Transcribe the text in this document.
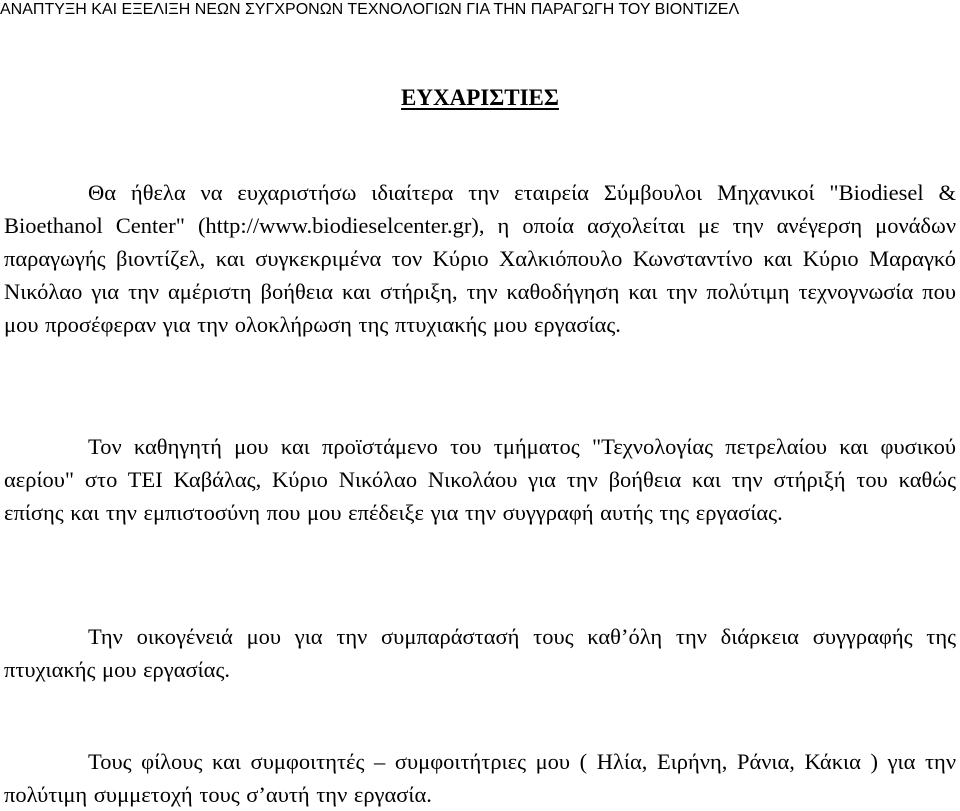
ΑΝΑΠΤΥΞΗ ΚΑΙ ΕΞΕΛΙΞΗ ΝΕΩΝ ΣΥΓΧΡΟΝΩΝ ΤΕΧΝΟΛΟΓΙΩΝ ΓΙΑ ΤΗΝ ΠΑΡΑΓΩΓΗ ΤΟΥ ΒΙΟΝΤΙΖΕΛ
ΕΥΧΑΡΙΣΤΙΕΣ

Θα ήθελα να ευχαριστήσω ιδιαίτερα την εταιρεία Σύμβουλοι Μηχανικοί "Biodiesel & Bioethanol Center" (http://www.biodieselcenter.gr), η οποία ασχολείται με την ανέγερση μονάδων παραγωγής βιοντίζελ, και συγκεκριμένα τον Κύριο Χαλκιόπουλο Κωνσταντίνο και Κύριο Μαραγκό Νικόλαο για την αμέριστη βοήθεια και στήριξη, την καθοδήγηση και την πολύτιμη τεχνογνωσία που μου προσέφεραν για την ολοκλήρωση της πτυχιακής μου εργασίας.

Τον καθηγητή μου και προϊστάμενο του τμήματος "Τεχνολογίας πετρελαίου και φυσικού αερίου" στο ΤΕΙ Καβάλας, Κύριο Νικόλαο Νικολάου για την βοήθεια και την στήριξή του καθώς επίσης και την εμπιστοσύνη που μου επέδειξε για την συγγραφή αυτής της εργασίας.

Την οικογένειά μου για την συμπαράστασή τους καθ’όλη την διάρκεια συγγραφής της πτυχιακής μου εργασίας.

Τους φίλους και συμφοιτητές – συμφοιτήτριες μου ( Ηλία, Ειρήνη, Ράνια, Κάκια ) για την πολύτιμη συμμετοχή τους σ’αυτή την εργασία.
